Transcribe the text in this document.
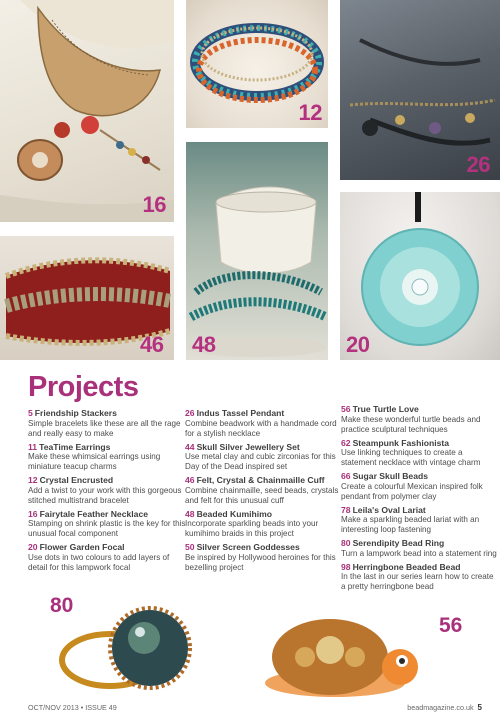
16
12
26
46 48	20
Projects
5 Friendship Stackers
Simple bracelets like these are all the rage and really easy to make
11 TeaTime Earrings
Make these whimsical earrings using miniature teacup charms
12 Crystal Encrusted
Add a twist to your work with this gorgeous stitched multistrand bracelet
16 Fairytale Feather Necklace
Stamping on shrink plastic is the key for this unusual focal component
20 Flower Garden Focal
Use dots in two colours to add layers of detail for this lampwork focal
26 Indus Tassel Pendant
Combine beadwork with a handmade cord for a stylish necklace
44 Skull Silver Jewellery Set
Use metal clay and cubic zirconias for this Day of the Dead inspired set
46 Felt, Crystal & Chainmaille Cuff
Combine chainmaille, seed beads, crystals and felt for this unusual cuff
48 Beaded Kumihimo
Incorporate sparkling beads into your kumihimo braids in this project
50 Silver Screen Goddesses
Be inspired by Hollywood heroines for this bezelling project
56 True Turtle Love
Make these wonderful turtle beads and practice sculptural techniques
62 Steampunk Fashionista
Use linking techniques to create a statement necklace with vintage charm
66 Sugar Skull Beads
Create a colourful Mexican inspired folk pendant from polymer clay
78 Leila's Oval Lariat
Make a sparkling beaded lariat with an interesting loop fastening
80 Serendipity Bead Ring
Turn a lampwork bead into a statement ring
98 Herringbone Beaded Bead
In the last in our series learn how to create a pretty herringbone bead
80
56
OCT/NOV 2013 • ISSUE 49	beadmagazine.co.uk 5
